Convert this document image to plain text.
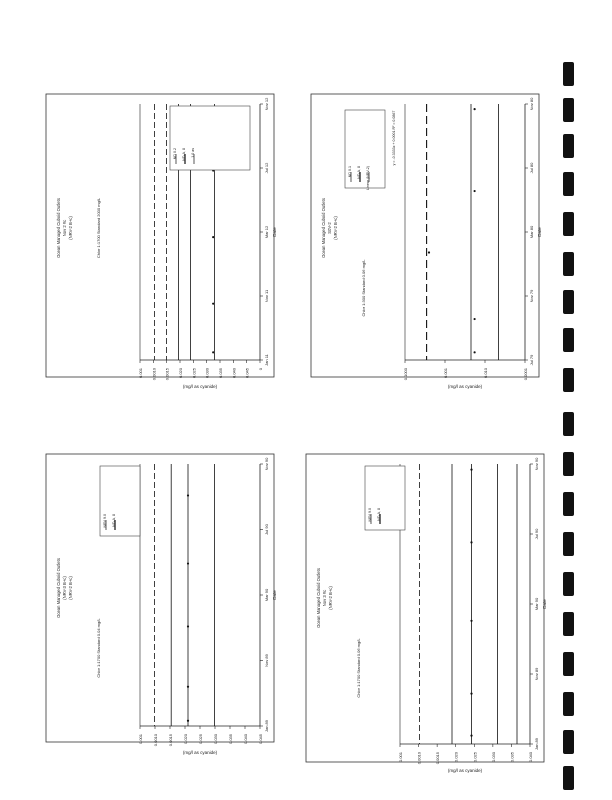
0.001 0.0010 0.0015 0.020 0.025 0.030 0.035 0.040 0.045 0
Jan 11
Nov 11
Mar 12
Jul 12
Nov 12
(mg/l as cyanide)
Date
Ocean Managed Cuboid Outlets Nov 2 #c (NRV-2 B+c)	Chlor 1:1700 Standard 2000 mg/L
ND 0.2 ND-A, 8 1.0 as
0.1000	0.001	0.010	0.0001
Jul 79
Nov 79
Mar 80
Jul 80
Nov 80
(mg/l as cyanide)
Date
Ocean Managed Cuboid Outlets S0V-2 (NRV-2 B+c)
Chlor 1:300 Standard 0.06 mg/L
ND 0.1 ND-A, 8 Linear (NRV-2)
y = -0.3333x + 0.0001 R² = 0.0867
0.001	0.0010	0.0015	0.020	0.025	0.030	0.035	0.040	0.045
Jan 89
Nov 89
Mar 90
Jul 90
Nov 90
(mg/l as cyanide)
Date
Ocean Managed Cuboid Outlets (NRV-3 B+c) (NRV-2 B+c)
Chlor 1:1700 Standard 0.04 mg/L
NRV 9.0 ND-A, 8
0.001	0.0010	0.0015	0.020	0.025	0.030	0.035	0.040
Jan 89
Nov 89
Mar 90
Jul 90
Nov 90
(mg/l as cyanide)
Date
Ocean Managed Cuboid Outlets Nov 3 #c (NRV-2 B+c)
Chlor 1:1700 Standard 0.06 mg/L
NRV 9.0 ND-A, 8
